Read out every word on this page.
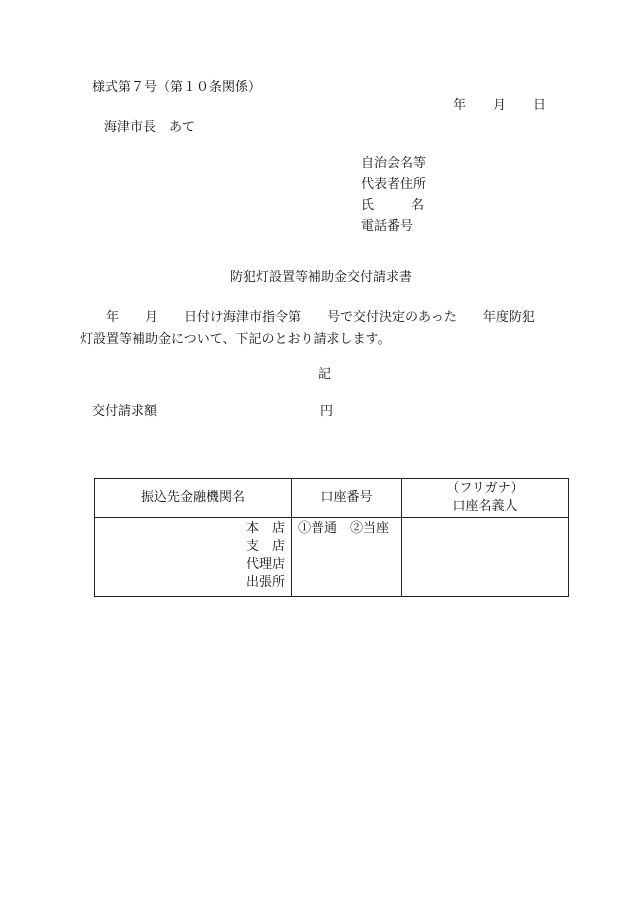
様式第７号（第１０条関係）
年 月 日
海津市長　あて
自治会名等
代表者住所
氏	名
電話番号
防犯灯設置等補助金交付請求書
　　年　　月　　日付け海津市指令第　　号で交付決定のあった　　年度防犯
灯設置等補助金について、下記のとおり請求します。
記
交付請求額	円
振込先金融機関名	口座番号	（フリガナ）
口座名義人

本　店
支　店
代理店
出張所	①普通　②当座	
